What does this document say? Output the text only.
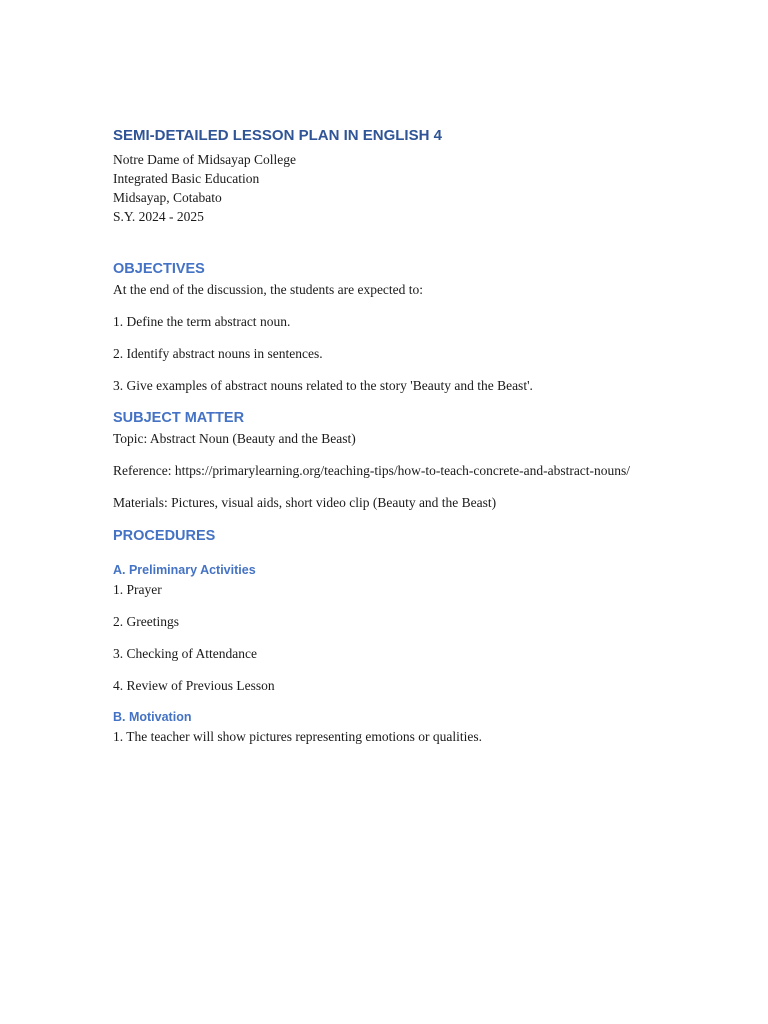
SEMI-DETAILED LESSON PLAN IN ENGLISH 4

Notre Dame of Midsayap College

Integrated Basic Education

Midsayap, Cotabato

S.Y. 2024 - 2025

OBJECTIVES

At the end of the discussion, the students are expected to:

1. Define the term abstract noun.

2. Identify abstract nouns in sentences.

3. Give examples of abstract nouns related to the story 'Beauty and the Beast'.

SUBJECT MATTER

Topic: Abstract Noun (Beauty and the Beast)

Reference: https://primarylearning.org/teaching-tips/how-to-teach-concrete-and-abstract-nouns/

Materials: Pictures, visual aids, short video clip (Beauty and the Beast)

PROCEDURES
A. Preliminary Activities

1. Prayer

2. Greetings

3. Checking of Attendance

4. Review of Previous Lesson

B. Motivation

1. The teacher will show pictures representing emotions or qualities.
